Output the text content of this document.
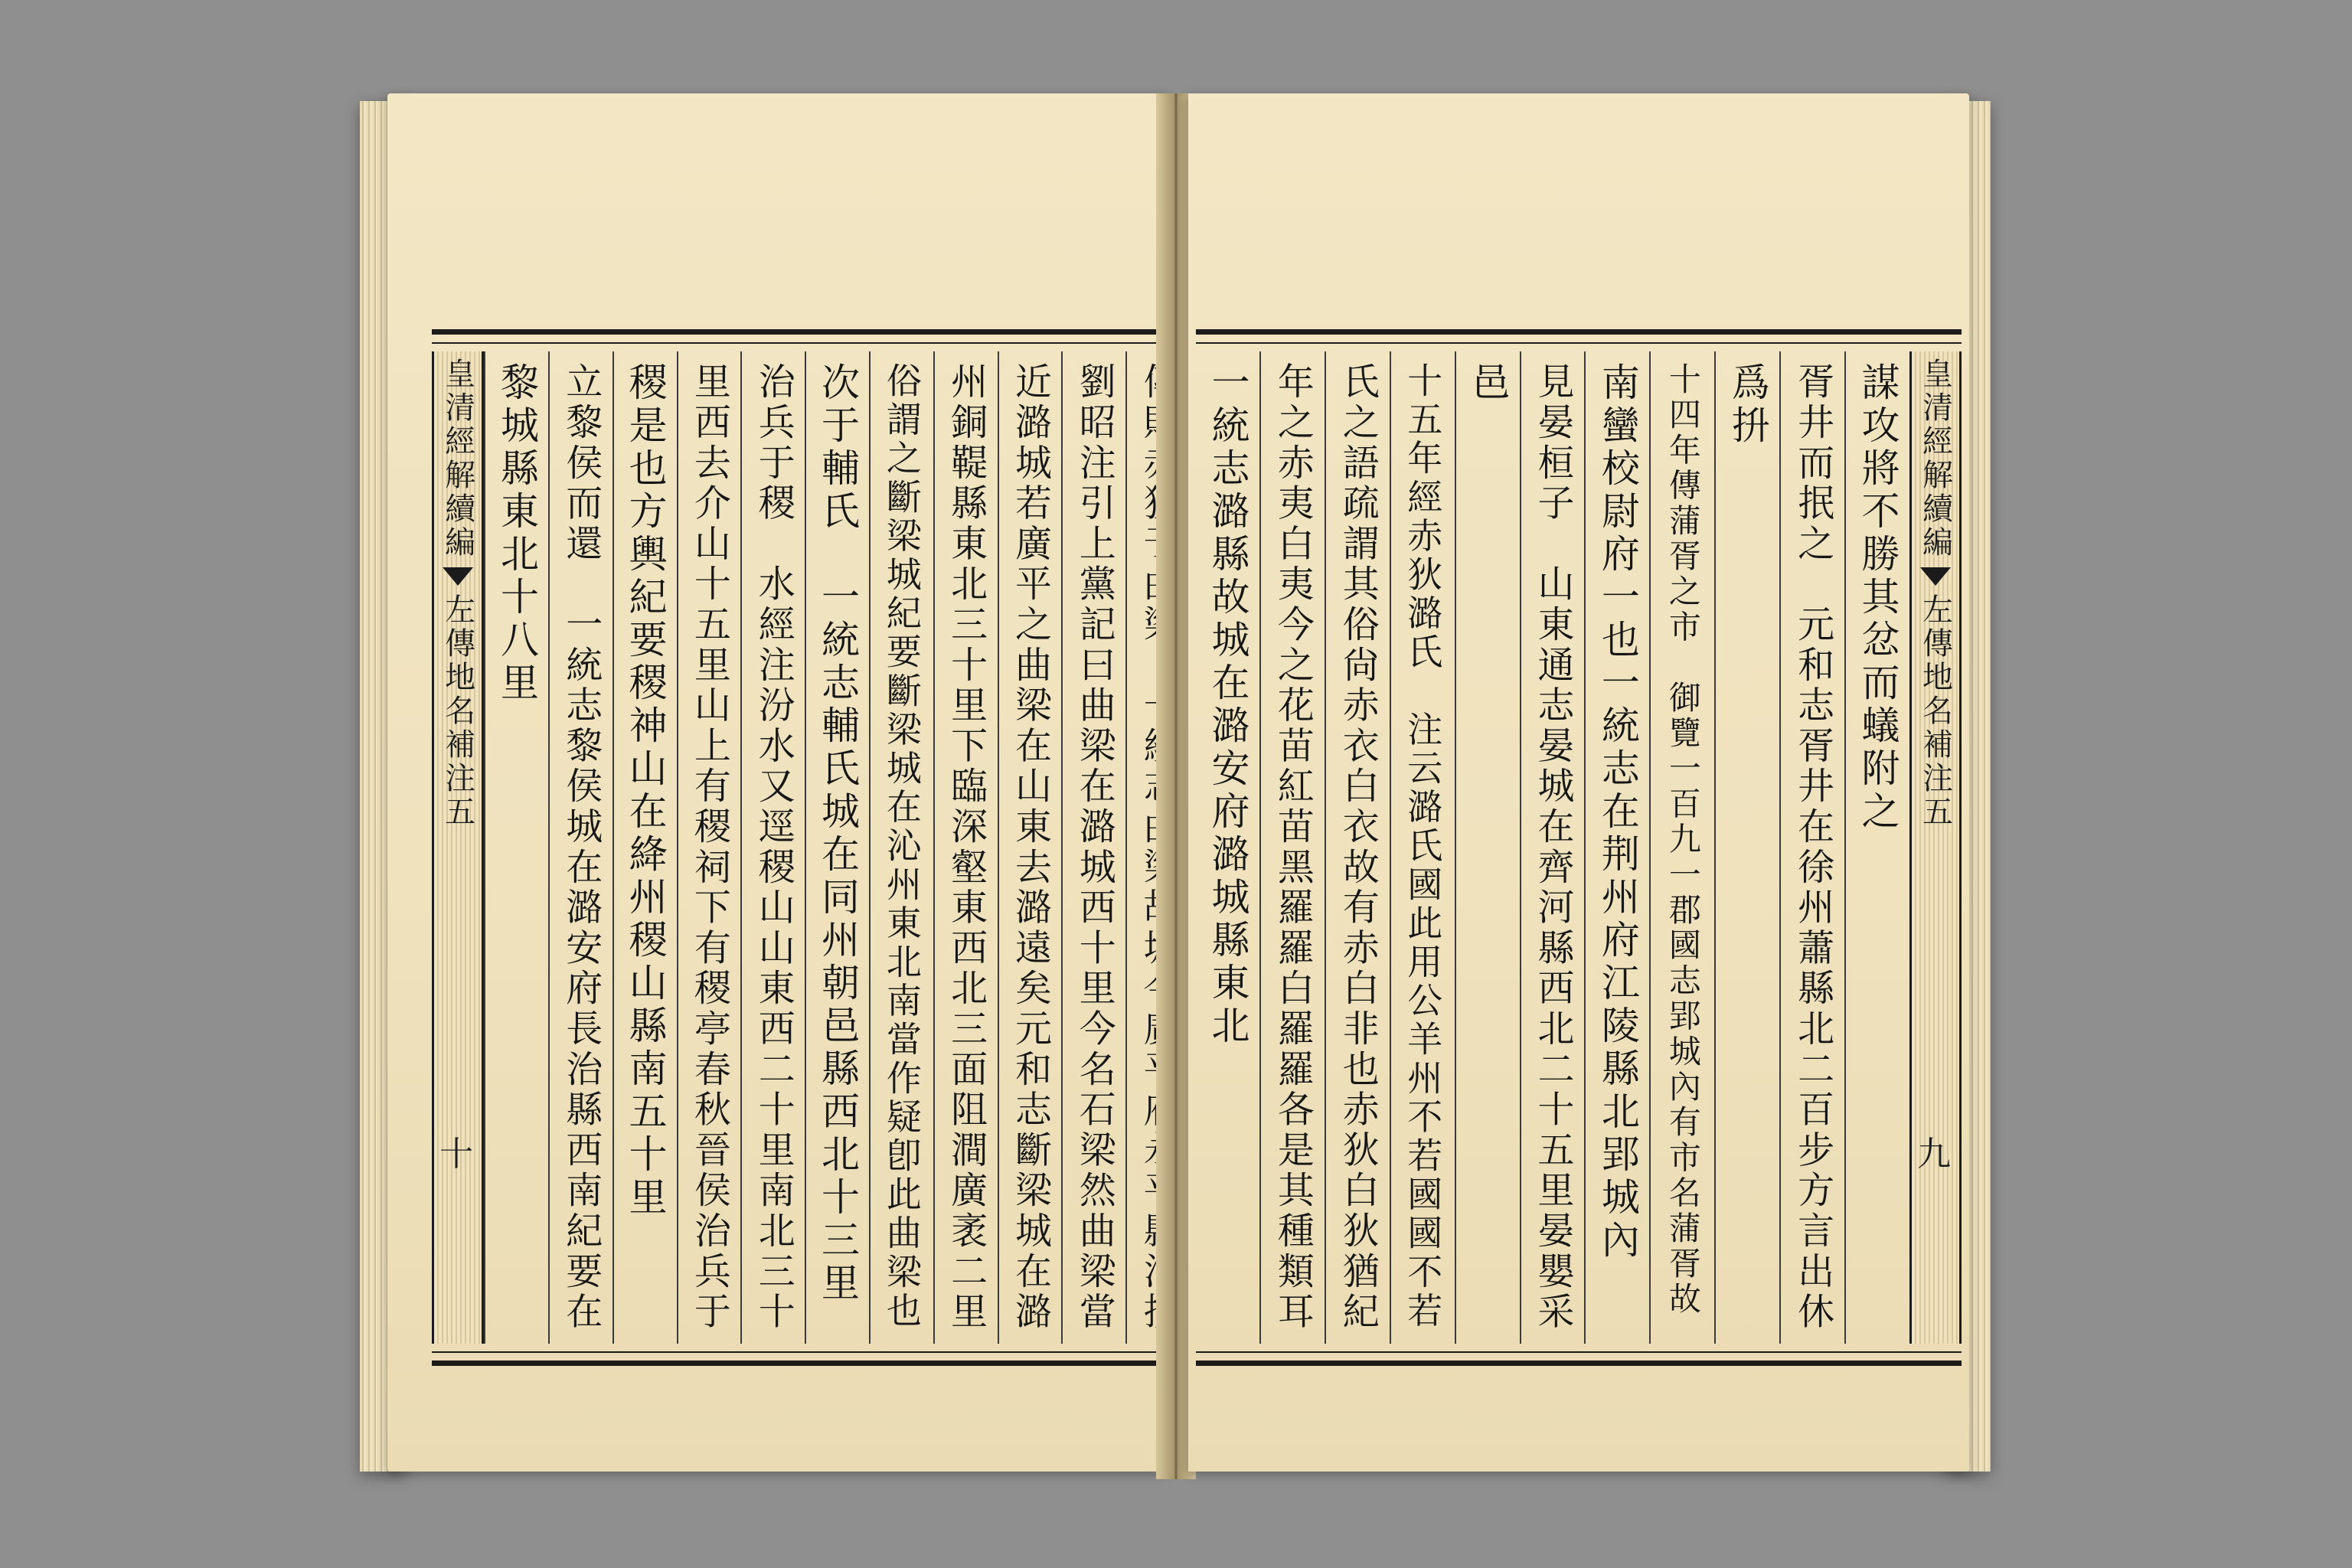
劉昭注引上黨記曰曲梁在潞城西十里今名石梁然曲梁當
近潞城若廣平之曲梁在山東去潞遠矣元和志斷梁城在潞
州銅鞮縣東北三十里下臨深壑東西北三面阻澗廣袤二里
俗謂之斷梁城紀要斷梁城在沁州東北南當作疑卽此曲梁也
次于輔氏　一統志輔氏城在同州朝邑縣西北十三里
治兵于稷　水經注汾水又逕稷山山東西二十里南北三十
里西去介山十五里山上有稷祠下有稷亭春秋晉侯治兵于
稷是也方輿紀要稷神山在絳州稷山縣南五十里
立黎侯而還　一統志黎侯城在潞安府長治縣西南紀要在
黎城縣東北十八里
皇清經解續編
左傳地名補注五
十
皇清經解續編
左傳地名補注五
九
謀攻將不勝其忿而蟻附之
胥井而抿之　元和志胥井在徐州蕭縣北二百步方言出休
爲抍
十四年傳蒲胥之市　御覽一百九一郡國志郢城內有市名蒲胥故
南蠻校尉府一也一統志在荆州府江陵縣北郢城內
見晏桓子　山東通志晏城在齊河縣西北二十五里晏嬰采
邑
十五年經赤狄潞氏　注云潞氏國此用公羊州不若國國不若
氏之語疏謂其俗尙赤衣白衣故有赤白非也赤狄白狄猶紀
年之赤夷白夷今之花苗紅苗黑羅羅白羅羅各是其種類耳
一統志潞縣故城在潞安府潞城縣東北
